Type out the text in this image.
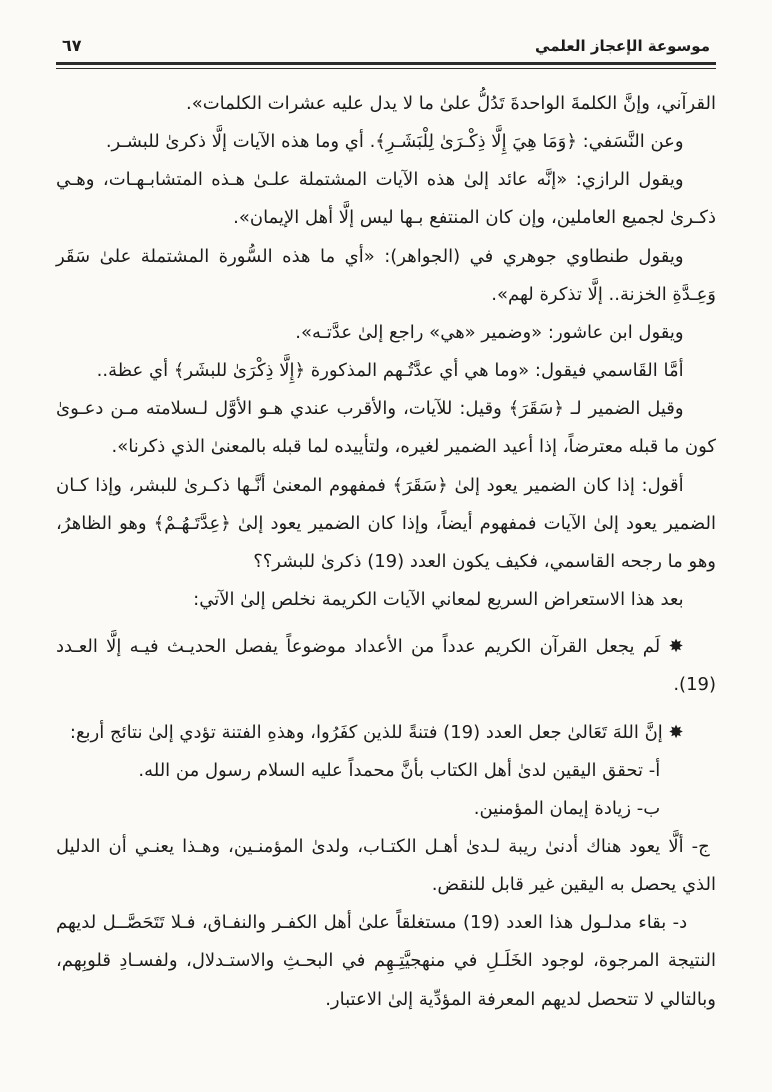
موسوعة الإعجاز العلمي
٦٧

القرآني، وإنَّ الكلمةَ الواحدةَ تَدُلُّ علىٰ ما لا يدل عليه عشرات الكلمات».

وعن النَّسَفي: ﴿وَمَا هِيَ إِلَّا ذِكْـرَىٰ لِلْبَشَـرِ﴾. أي وما هذه الآيات إلَّا ذكرىٰ للبشـر.

ويقول الرازي: «إنَّه عائد إلىٰ هذه الآيات المشتملة علـىٰ هـذه المتشابـهـات، وهـي ذكـرىٰ لجميع العاملين، وإن كان المنتفع بـها ليس إلَّا أهل الإيمان».

ويقول طنطاوي جوهري في (الجواهر): «أي ما هذه السُّورة المشتملة علىٰ سَقَر وَعِـدَّةِ الخزنة.. إلَّا تذكرة لهم».

ويقول ابن عاشور: «وضمير «هي» راجع إلىٰ عدَّتـه».

أمَّا القَاسمي فيقول: «وما هي أي عدَّتُـهم المذكورة ﴿إِلَّا ذِكْرَىٰ للبشَر﴾ أي عظة..

وقيل الضمير لـ ﴿سَقَرَ﴾ وقيل: للآيات، والأقرب عندي هـو الأوَّل لـسلامته مـن دعـوىٰ كون ما قبله معترضاً، إذا أعيد الضمير لغيره، ولتأييده لما قبله بالمعنىٰ الذي ذكرنا».

أقول: إذا كان الضمير يعود إلىٰ ﴿سَقَرَ﴾ فمفهوم المعنىٰ أنَّـها ذكـرىٰ للبشر، وإذا كـان الضمير يعود إلىٰ الآيات فمفهوم أيضاً، وإذا كان الضمير يعود إلىٰ ﴿عِدَّتَـهُـمْ﴾ وهو الظاهرُ، وهو ما رجحه القاسمي، فكيف يكون العدد (19) ذكرىٰ للبشر؟؟

بعد هذا الاستعراض السريع لمعاني الآيات الكريمة نخلص إلىٰ الآتي:

✸ لَم يجعل القرآن الكريم عدداً من الأعداد موضوعاً يفصل الحديـث فيـه إلَّا العـدد (19).

✸ إنَّ اللهَ تَعَالىٰ جعل العدد (19) فتنةً للذين كفَرُوا، وهذهِ الفتنة تؤدي إلىٰ نتائج أربع:

أ- تحقق اليقين لدىٰ أهل الكتاب بأنَّ محمداً عليه السلام رسول من الله.

ب- زيادة إيمان المؤمنين.

ج- ألَّا يعود هناك أدنىٰ ريبة لـدىٰ أهـل الكتـاب، ولدىٰ المؤمنـين، وهـذا يعنـي أن الدليل الذي يحصل به اليقين غير قابل للنقض.

د- بقاء مدلـول هذا العدد (19) مستغلقاً علىٰ أهل الكفـر والنفـاق، فـلا تَتَحَصَّــل لديهم النتيجة المرجوة، لوجود الخَلَـلِ في منهجيَّتِـهِم في البحـثِ والاستـدلال، ولفسـادِ قلوبِهم، وبالتالي لا تتحصل لديهم المعرفة المؤدِّية إلىٰ الاعتبار.
